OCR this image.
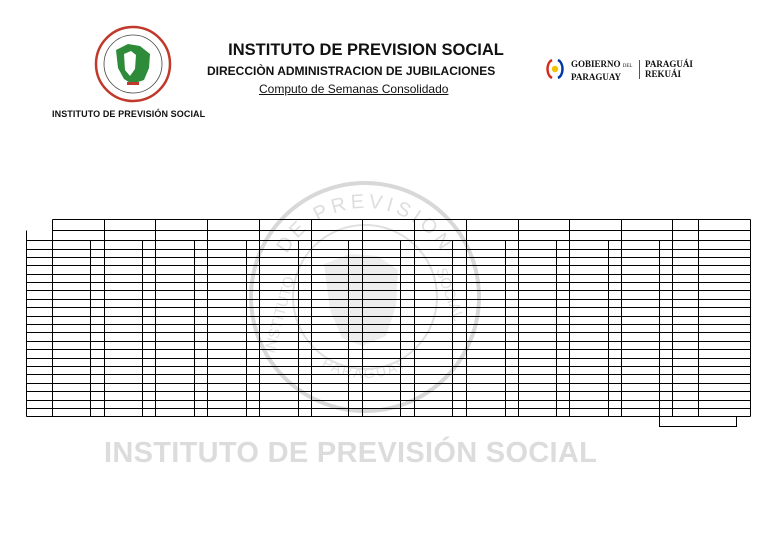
INSTITUTO DE PREVISIÓN SOCIAL
INSTITUTO DE PREVISION SOCIAL
DIRECCIÒN ADMINISTRACION DE JUBILACIONES
Computo de Semanas Consolidado
GOBIERNO DEL
PARAGUAY
PARAGUÁI
REKUÁI
DE PREVISION
PARAGUAY
INSTITUTO	SOCIAL
INSTITUTO DE PREVISIÓN SOCIAL
